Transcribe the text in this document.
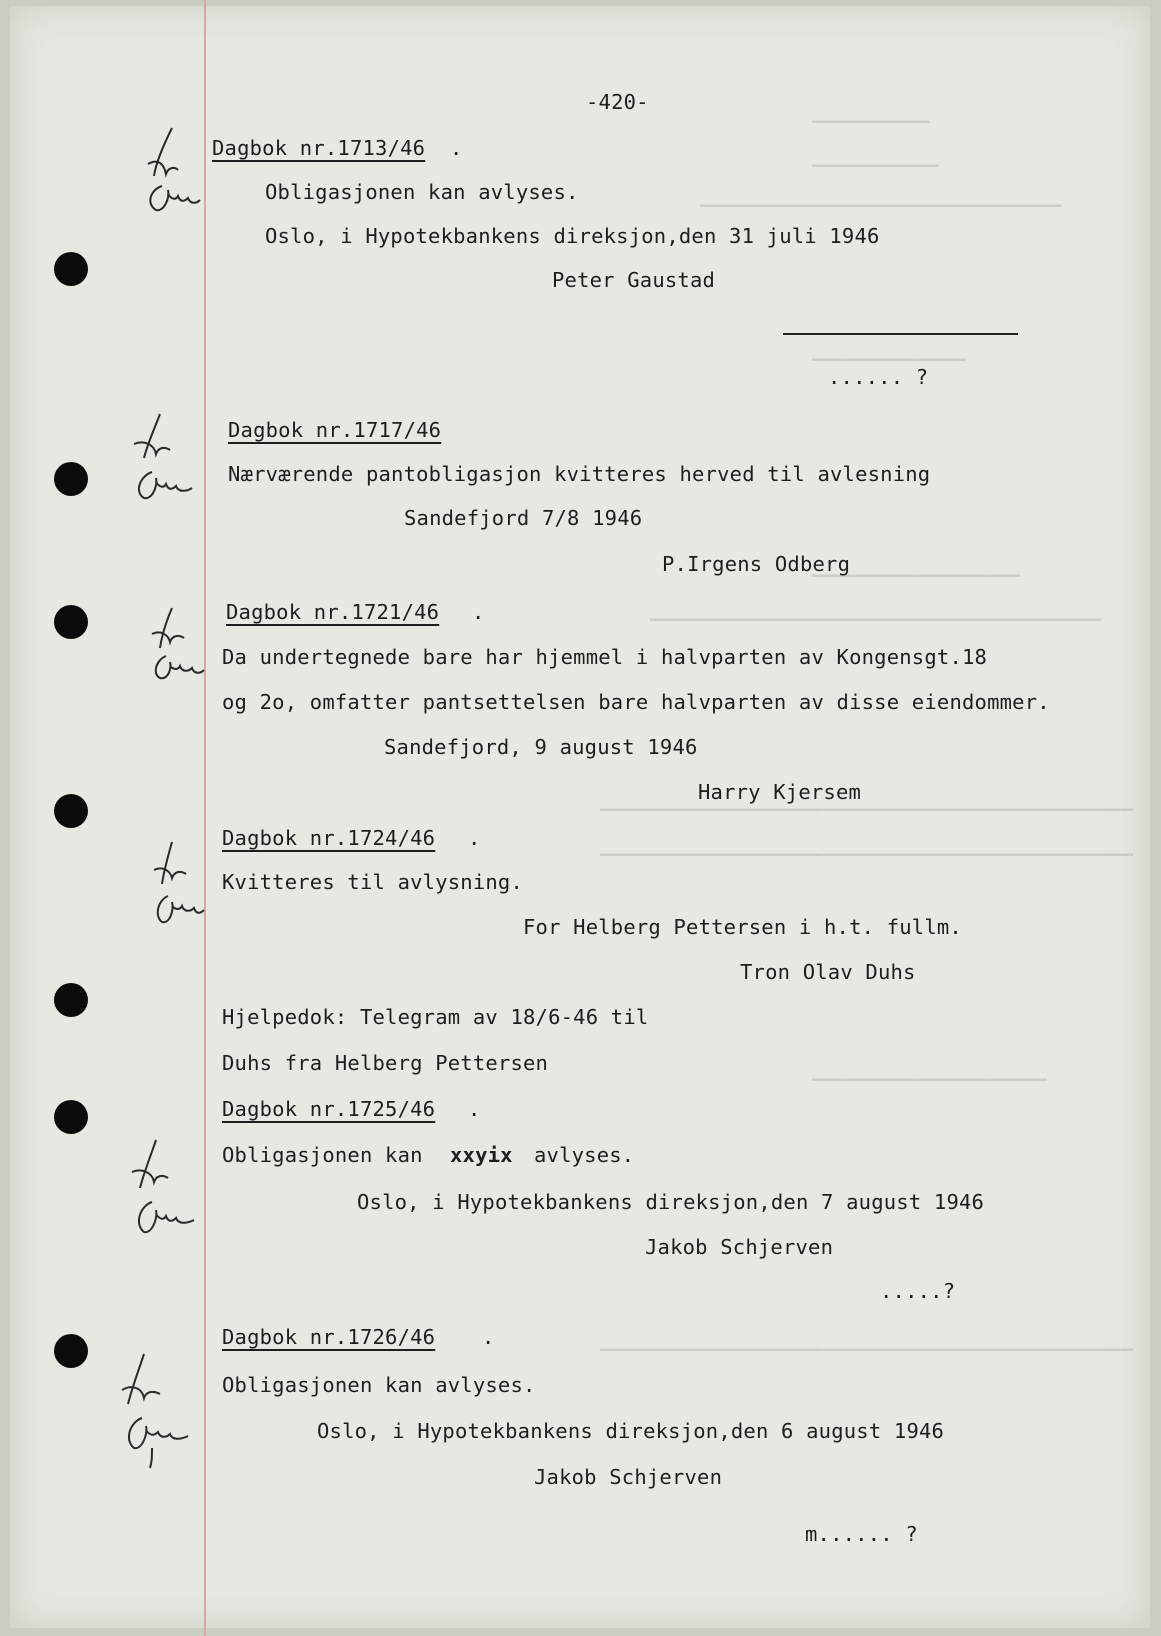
━━━━━━━━━━━━━
━━━━━━━━━━━━━━
━━━━━━━━━━━━━━━━━━━━━━━━━━━━━━━━━━━━━━━━
━━━━━━━━━━━━━━━━━
━━━━━━━━━━━━━━━━━━━━━━━
━━━━━━━━━━━━━━━━━━━━━━━━━━━━━━━━━━━━━━━━━━━━━━━━━━
━━━━━━━━━━━━━━━━━━━━━━━━━━━━━━━━━━━━━━━━━━━━━━━━━━━━━━━━━━━
━━━━━━━━━━━━━━━━━━━━━━━━━━━━━━━━━━━━━━━━━━━━━━━━━━━━━━━━━━━
━━━━━━━━━━━━━━━━━━━━━━━━━━
━━━━━━━━━━━━━━━━━━━━━━━━━━━━━━━━━━━━━━━━━━━━━━━━━━━━━━━━━━━
-420-
Dagbok nr.1713/46 .
Obligasjonen kan avlyses.
Oslo, i Hypotekbankens direksjon,den 31 juli 1946
Peter Gaustad
...... ?
Dagbok nr.1717/46
Nærværende pantobligasjon kvitteres herved til avlesning
Sandefjord 7/8 1946
P.Irgens Odberg
Dagbok nr.1721/46 .
Da undertegnede bare har hjemmel i halvparten av Kongensgt.18
og 2o, omfatter pantsettelsen bare halvparten av disse eiendommer.
Sandefjord, 9 august 1946
Harry Kjersem
Dagbok nr.1724/46 .
Kvitteres til avlysning.
For Helberg Pettersen i h.t. fullm.
Tron Olav Duhs
Hjelpedok: Telegram av 18/6-46 til
Duhs fra Helberg Pettersen
Dagbok nr.1725/46 .
Obligasjonen kan xxyix avlyses.
Oslo, i Hypotekbankens direksjon,den 7 august 1946
Jakob Schjerven
.....?
Dagbok nr.1726/46 .
Obligasjonen kan avlyses.
Oslo, i Hypotekbankens direksjon,den 6 august 1946
Jakob Schjerven
m...... ?
